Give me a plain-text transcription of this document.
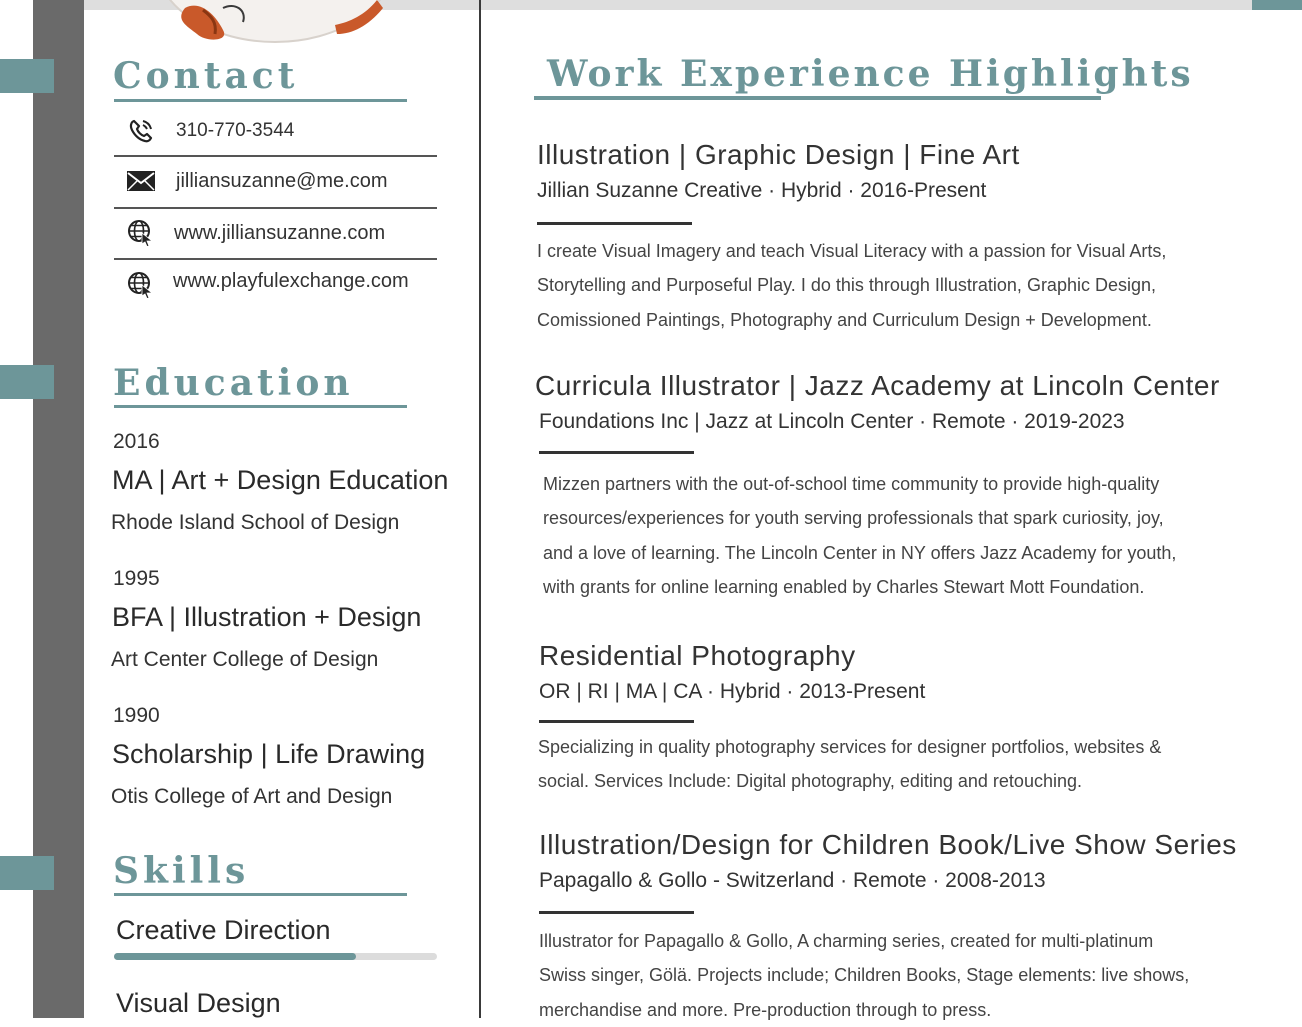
Contact
310-770-3544
jilliansuzanne@me.com
www.jilliansuzanne.com
www.playfulexchange.com
Education
2016
MA | Art + Design Education
Rhode Island School of Design
1995
BFA | Illustration + Design
Art Center College of Design
1990
Scholarship | Life Drawing
Otis College of Art and Design
Skills
Creative Direction
Visual Design
Work Experience Highlights
Illustration | Graphic Design | Fine Art
Jillian Suzanne Creative · Hybrid · 2016-Present
I create Visual Imagery and teach Visual Literacy with a passion for Visual Arts,
Storytelling and Purposeful Play. I do this through Illustration, Graphic Design,
Comissioned Paintings, Photography and Curriculum Design + Development.
Curricula Illustrator | Jazz Academy at Lincoln Center
Foundations Inc | Jazz at Lincoln Center · Remote · 2019-2023
Mizzen partners with the out-of-school time community to provide high-quality
resources/experiences for youth serving professionals that spark curiosity, joy,
and a love of learning. The Lincoln Center in NY offers Jazz Academy for youth,
with grants for online learning enabled by Charles Stewart Mott Foundation.
Residential Photography
OR | RI | MA | CA · Hybrid · 2013-Present
Specializing in quality photography services for designer portfolios, websites &
social. Services Include: Digital photography, editing and retouching.
Illustration/Design for Children Book/Live Show Series
Papagallo & Gollo - Switzerland · Remote · 2008-2013
Illustrator for Papagallo & Gollo, A charming series, created for multi-platinum
Swiss singer, Gölä. Projects include; Children Books, Stage elements: live shows,
merchandise and more. Pre-production through to press.
